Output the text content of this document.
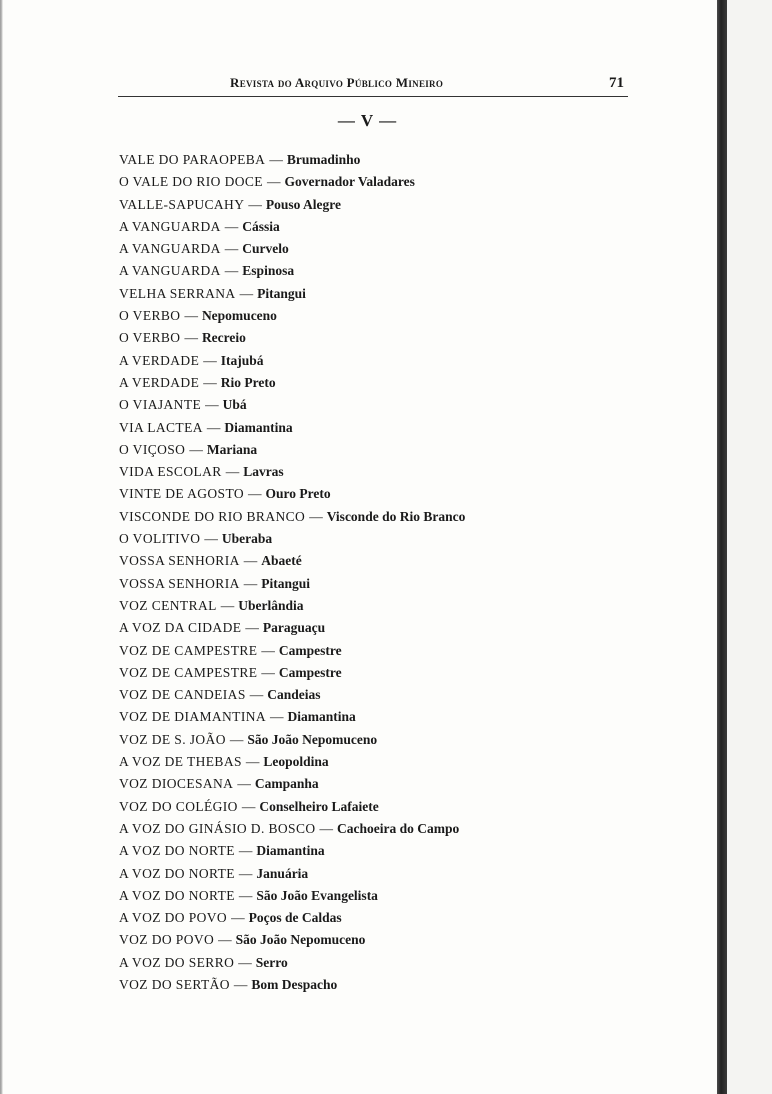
Revista do Arquivo Público Mineiro	71
— V —
VALE DO PARAOPEBA — Brumadinho
O VALE DO RIO DOCE — Governador Valadares
VALLE-SAPUCAHY — Pouso Alegre
A VANGUARDA — Cássia
A VANGUARDA — Curvelo
A VANGUARDA — Espinosa
VELHA SERRANA — Pitangui
O VERBO — Nepomuceno
O VERBO — Recreio
A VERDADE — Itajubá
A VERDADE — Rio Preto
O VIAJANTE — Ubá
VIA LACTEA — Diamantina
O VIÇOSO — Mariana
VIDA ESCOLAR — Lavras
VINTE DE AGOSTO — Ouro Preto
VISCONDE DO RIO BRANCO — Visconde do Rio Branco
O VOLITIVO — Uberaba
VOSSA SENHORIA — Abaeté
VOSSA SENHORIA — Pitangui
VOZ CENTRAL — Uberlândia
A VOZ DA CIDADE — Paraguaçu
VOZ DE CAMPESTRE — Campestre
VOZ DE CAMPESTRE — Campestre
VOZ DE CANDEIAS — Candeias
VOZ DE DIAMANTINA — Diamantina
VOZ DE S. JOÃO — São João Nepomuceno
A VOZ DE THEBAS — Leopoldina
VOZ DIOCESANA — Campanha
VOZ DO COLÉGIO — Conselheiro Lafaiete
A VOZ DO GINÁSIO D. BOSCO — Cachoeira do Campo
A VOZ DO NORTE — Diamantina
A VOZ DO NORTE — Januária
A VOZ DO NORTE — São João Evangelista
A VOZ DO POVO — Poços de Caldas
VOZ DO POVO — São João Nepomuceno
A VOZ DO SERRO — Serro
VOZ DO SERTÃO — Bom Despacho
